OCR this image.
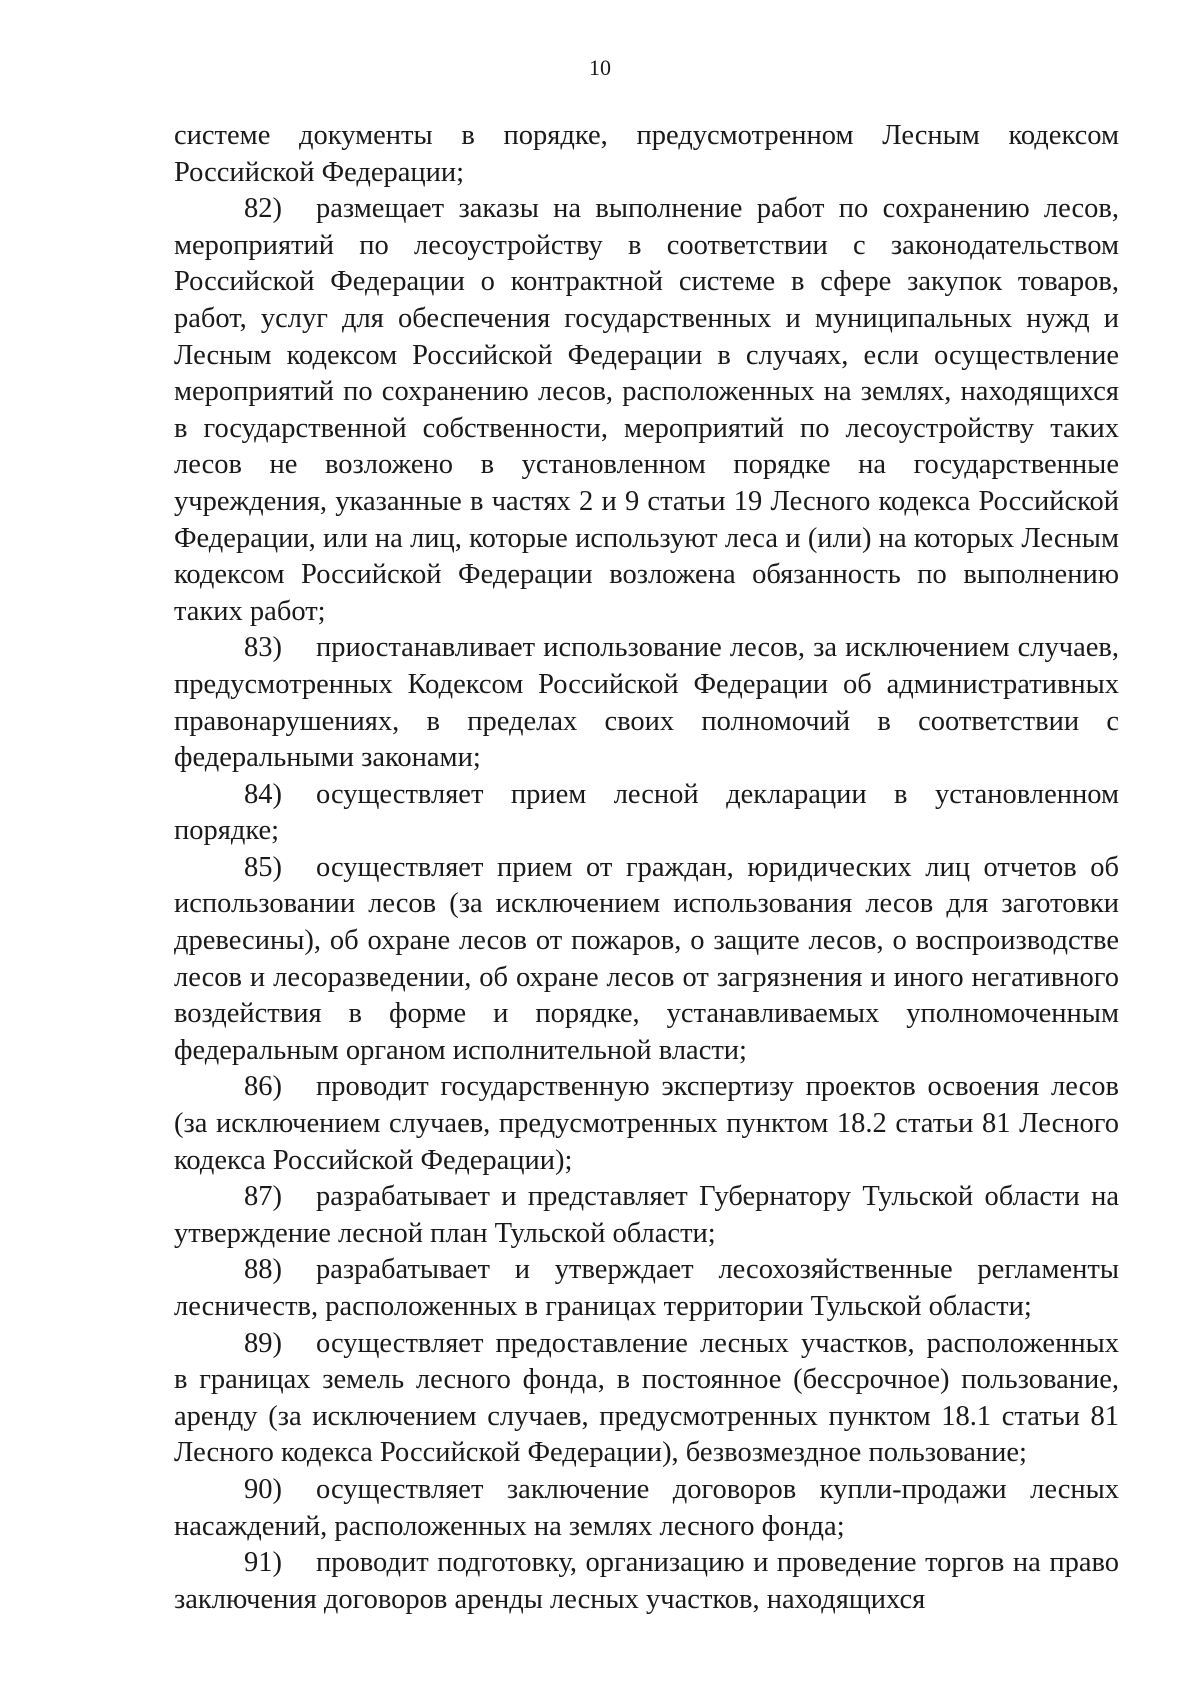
10

системе документы в порядке, предусмотренном Лесным кодексом Российской Федерации;

82) размещает заказы на выполнение работ по сохранению лесов, мероприятий по лесоустройству в соответствии с законодательством Российской Федерации о контрактной системе в сфере закупок товаров, работ, услуг для обеспечения государственных и муниципальных нужд и Лесным кодексом Российской Федерации в случаях, если осуществление мероприятий по сохранению лесов, расположенных на землях, находящихся в государственной собственности, мероприятий по лесоустройству таких лесов не возложено в установленном порядке на государственные учреждения, указанные в частях 2 и 9 статьи 19 Лесного кодекса Российской Федерации, или на лиц, которые используют леса и (или) на которых Лесным кодексом Российской Федерации возложена обязанность по выполнению таких работ;

83) приостанавливает использование лесов, за исключением случаев, предусмотренных Кодексом Российской Федерации об административных правонарушениях, в пределах своих полномочий в соответствии с федеральными законами;

84) осуществляет прием лесной декларации в установленном порядке;

85) осуществляет прием от граждан, юридических лиц отчетов об использовании лесов (за исключением использования лесов для заготовки древесины), об охране лесов от пожаров, о защите лесов, о воспроизводстве лесов и лесоразведении, об охране лесов от загрязнения и иного негативного воздействия в форме и порядке, устанавливаемых уполномоченным федеральным органом исполнительной власти;

86) проводит государственную экспертизу проектов освоения лесов (за исключением случаев, предусмотренных пунктом 18.2 статьи 81 Лесного кодекса Российской Федерации);

87) разрабатывает и представляет Губернатору Тульской области на утверждение лесной план Тульской области;

88) разрабатывает и утверждает лесохозяйственные регламенты лесничеств, расположенных в границах территории Тульской области;

89) осуществляет предоставление лесных участков, расположенных в границах земель лесного фонда, в постоянное (бессрочное) пользование, аренду (за исключением случаев, предусмотренных пунктом 18.1 статьи 81 Лесного кодекса Российской Федерации), безвозмездное пользование;

90) осуществляет заключение договоров купли-продажи лесных насаждений, расположенных на землях лесного фонда;

91) проводит подготовку, организацию и проведение торгов на право заключения договоров аренды лесных участков, находящихся
